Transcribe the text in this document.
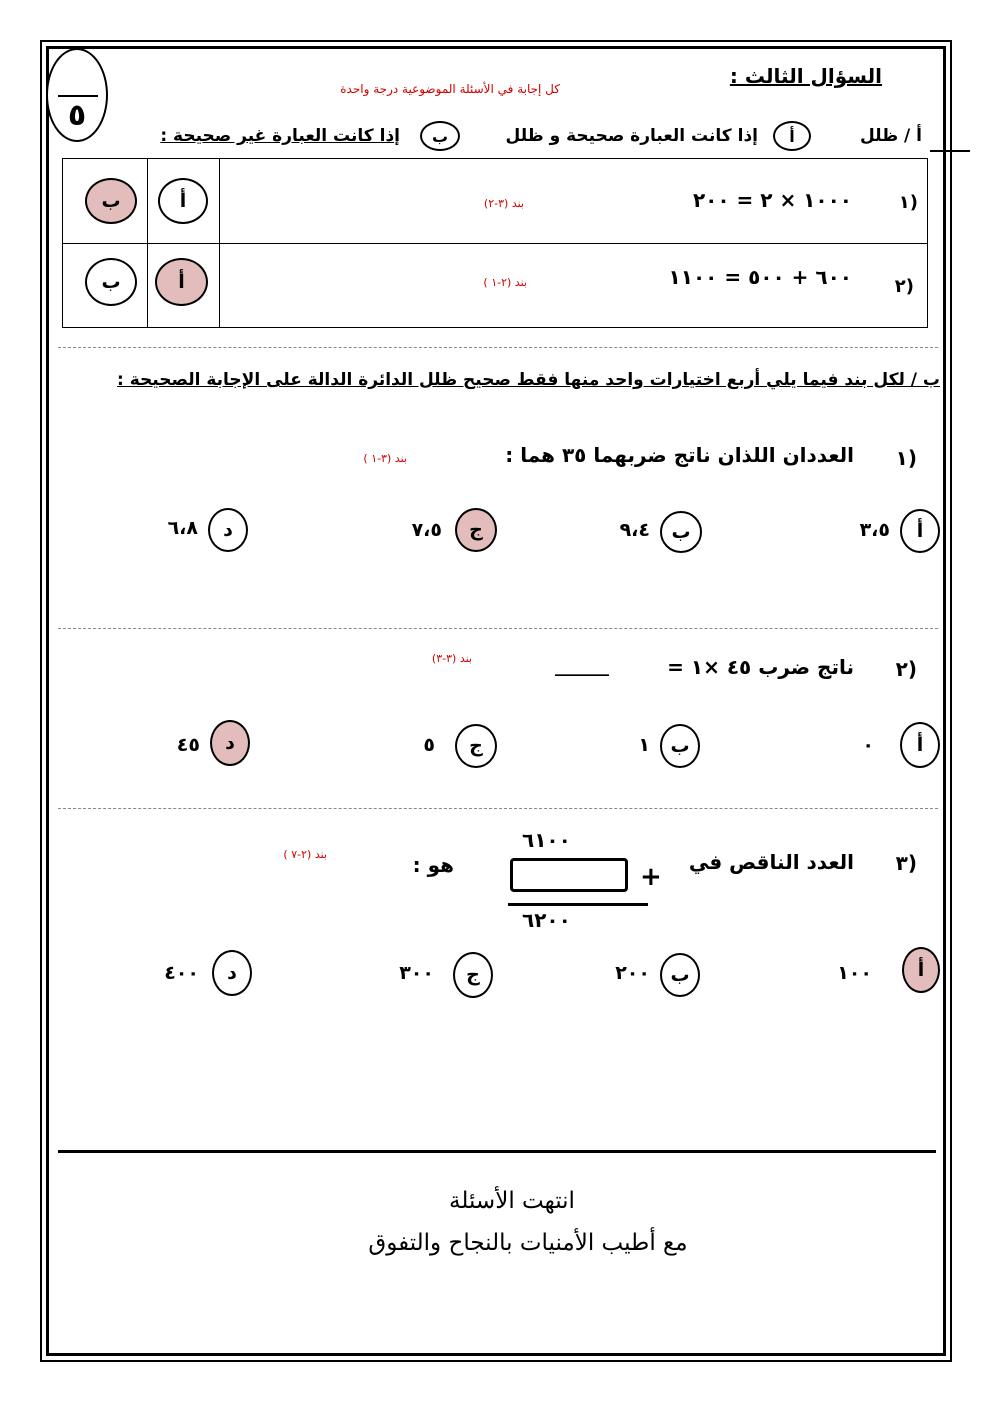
٥
السؤال الثالث :
كل إجابة في الأسئلة الموضوعية درجة واحدة
أ / ظلل
أ
إذا كانت العبارة صحيحة و ظلل
ب
إذا كانت العبارة غير صحيحة :
١)
١٠٠٠ × ٢ = ٢٠٠
بند (٣-٢)
أ
ب
٢)
٦٠٠ + ٥٠٠ = ١١٠٠
بند (٢-١ )
أ
ب
ب / لكل بند فيما يلي أربع اختيارات واحد منها فقط صحيح ظلل الدائرة الدالة على الإجابة الصحيحة :
١)
العددان اللذان ناتج ضربهما ٣٥ هما :
بند (٣-١ )
أ
٣،٥
ب
٩،٤
ج
٧،٥
د
٦،٨
٢)
ناتج ضرب ٤٥ ×١ =
______
بند (٣-٣)
أ
٠
ب
١
ج
٥
د
٤٥
٣)
العدد الناقص في
هو :
بند (٢-٧ )
٦١٠٠
+
٦٢٠٠
أ
١٠٠
ب
٢٠٠
ج
٣٠٠
د
٤٠٠
انتهت الأسئلة
مع أطيب الأمنيات بالنجاح والتفوق
